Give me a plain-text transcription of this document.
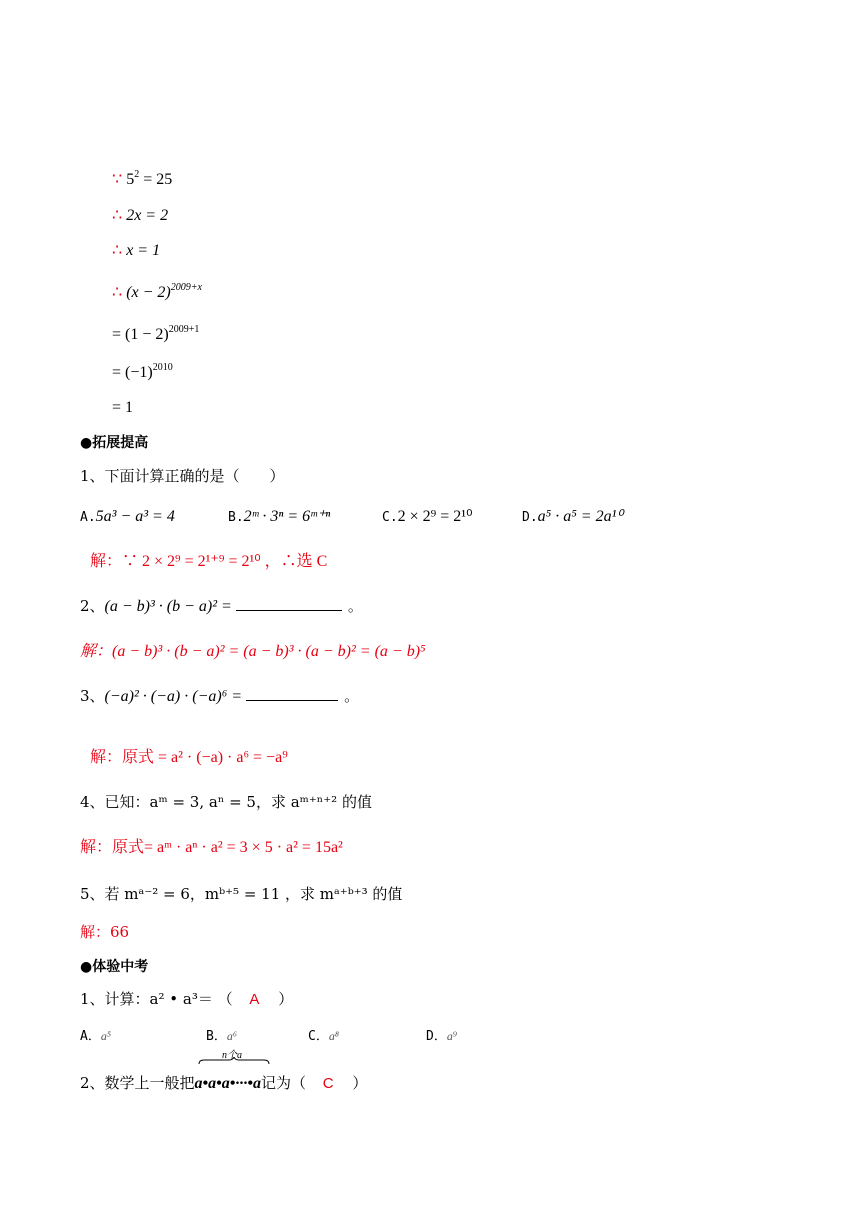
∵ $5^2 = 25$
∴ 2x = 2
∴ x = 1
∴ $(x - 2)^{2009+x}$
= $(1 - 2)^{2009+1}$
= $(-1)^{2010}$
= 1
●拓展提高
1、下面计算正确的是（　　）
A.5a³ − a³ = 4	B.2ᵐ · 3ⁿ = 6ᵐ⁺ⁿ	C.2 × 2⁹ = 2¹⁰	D.a⁵ · a⁵ = 2a¹⁰
解：∵ 2 × 2⁹ = 2¹⁺⁹ = 2¹⁰ ，∴选 C
2、(a − b)³ · (b − a)² =	。
解：(a − b)³ · (b − a)² = (a − b)³ · (a − b)² = (a − b)⁵
3、(−a)² · (−a) · (−a)⁶ =	。
解：原式 = a² · (−a) · a⁶ = −a⁹
4、已知：aᵐ = 3, aⁿ = 5，求 aᵐ⁺ⁿ⁺² 的值
解：原式= aᵐ · aⁿ · a² = 3 × 5 · a² = 15a²
5、若 mᵃ⁻² = 6，mᵇ⁺⁵ = 11 ，求 mᵃ⁺ᵇ⁺³ 的值
解：66
●体验中考
1、计算：a² • a³＝ （ A ）
A．a⁵	B．a⁶	C．a⁸	D．a⁹
n个a
2、数学上一般把a•a•a•···•a记为（ C ）
